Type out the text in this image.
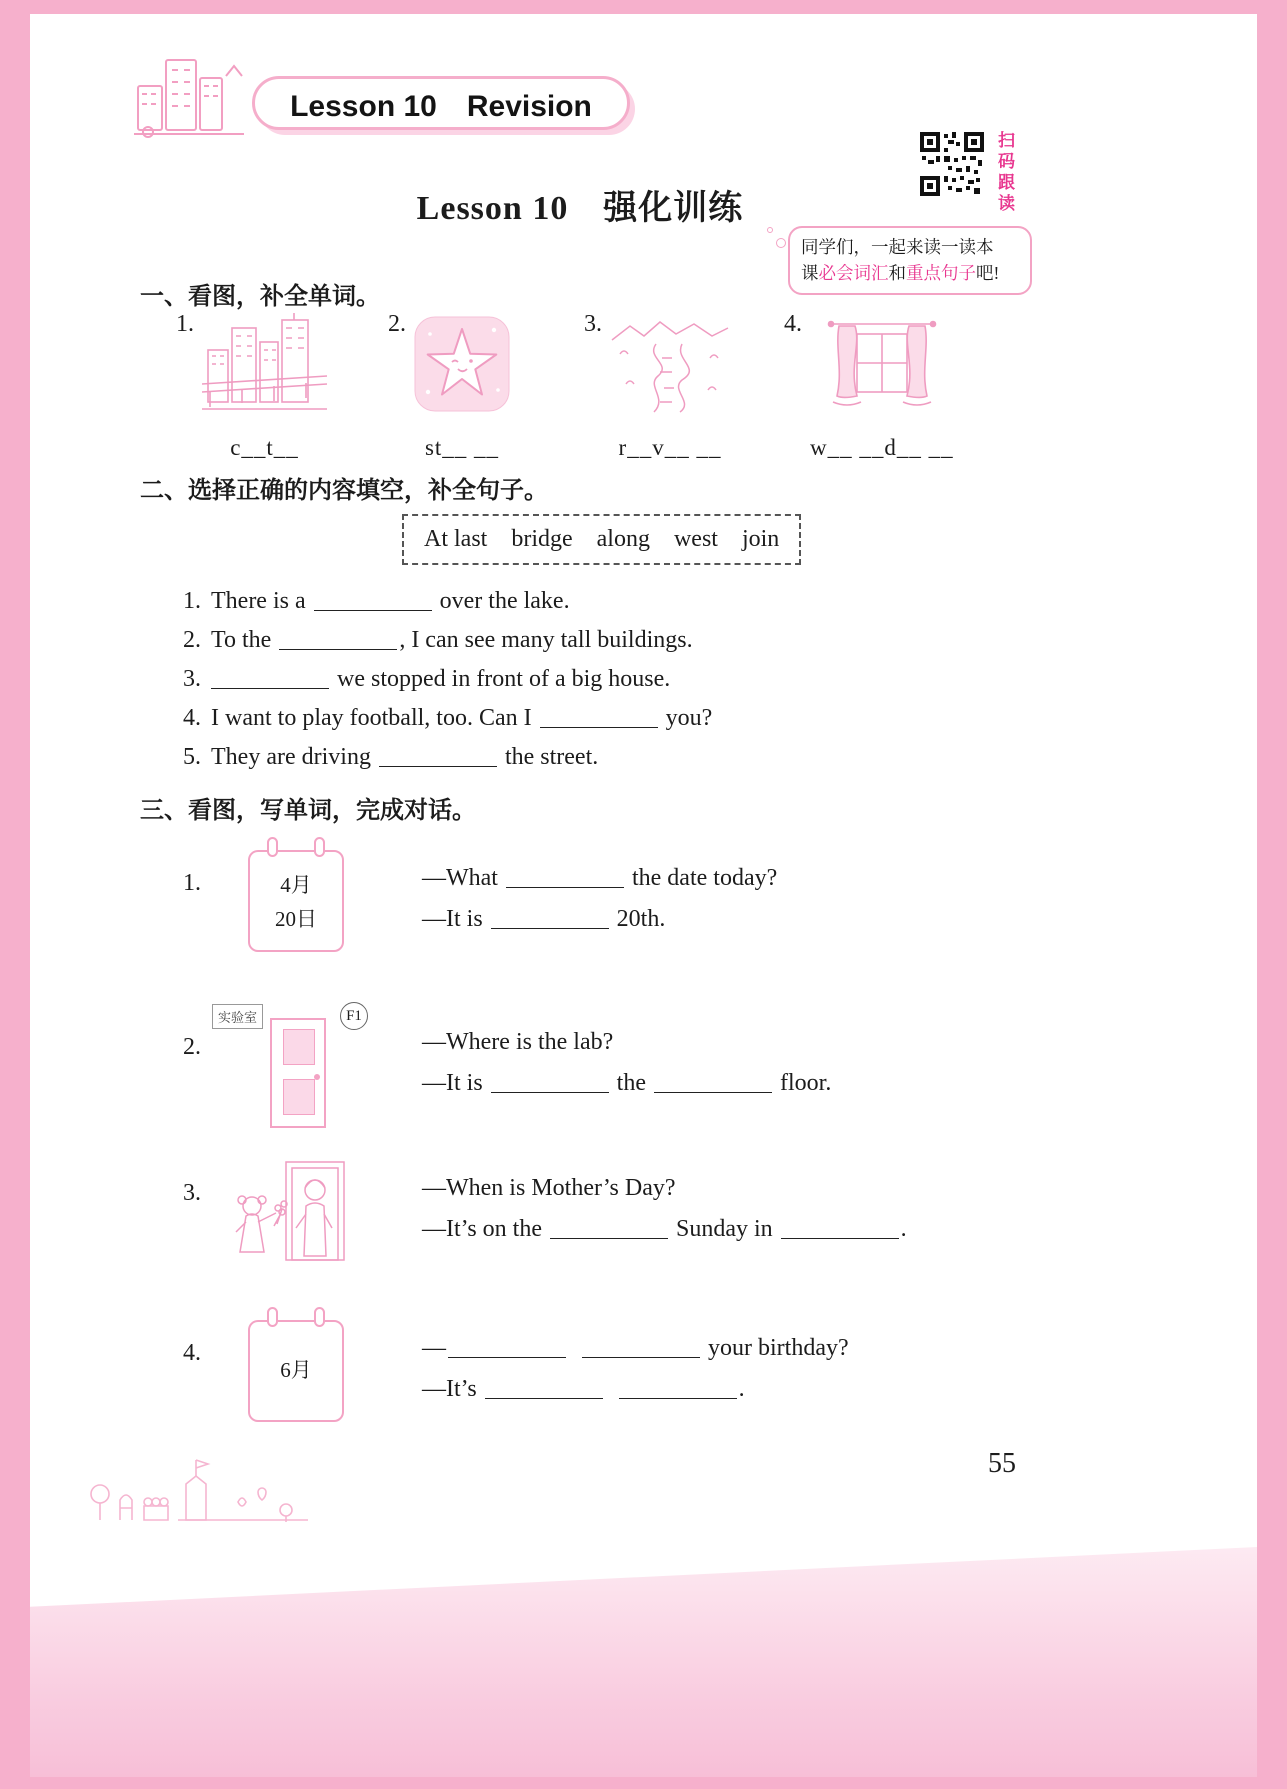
Lesson 10　Revision
扫码跟读
Lesson 10　强化训练
同学们，一起来读一读本
课必会词汇和重点句子吧!
一、看图，补全单词。
1.
c__t__
2.
st__ __
3.
r__v__ __
4.
w__ __d__ __
二、选择正确的内容填空，补全句子。
At last    bridge    along    west    join
1. There is a	over the lake.
2. To the	, I can see many tall buildings.
3.	we stopped in front of a big house.
4. I want to play football, too. Can I	you?
5. They are driving	the street.
三、看图，写单词，完成对话。
1.	4月
20日
—What	the date today?
—It is	20th.
2.
实验室	F1
—Where is the lab?
—It is	the	floor.
3.	—When is Mother’s Day?
—It’s on the	Sunday in	.
4.
6月
—	your birthday?
—It’s	.
55
